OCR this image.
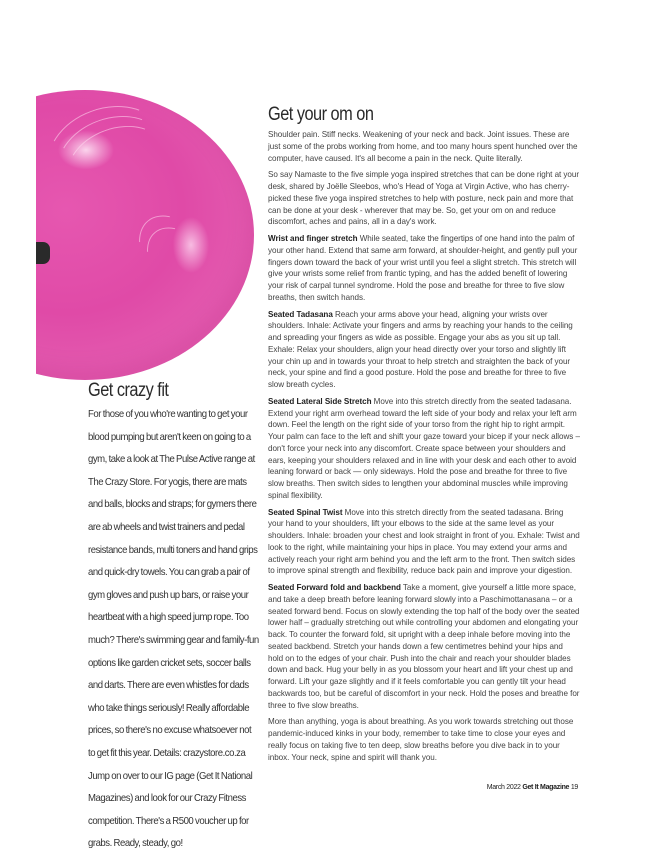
Get crazy fit

For those of you who're wanting to get your blood pumping but aren't keen on going to a gym, take a look at The Pulse Active range at The Crazy Store. For yogis, there are mats and balls, blocks and straps; for gymers there are ab wheels and twist trainers and pedal resistance bands, multi toners and hand grips and quick-dry towels. You can grab a pair of gym gloves and push up bars, or raise your heartbeat with a high speed jump rope. Too much? There's swimming gear and family-fun options like garden cricket sets, soccer balls and darts. There are even whistles for dads who take things seriously! Really affordable prices, so there's no excuse whatsoever not to get fit this year. Details: crazystore.co.za Jump on over to our IG page (Get It National Magazines) and look for our Crazy Fitness competition. There's a R500 voucher up for grabs. Ready, steady, go!

Get your om on

Shoulder pain. Stiff necks. Weakening of your neck and back. Joint issues. These are just some of the probs working from home, and too many hours spent hunched over the computer, have caused. It's all become a pain in the neck. Quite literally.

So say Namaste to the five simple yoga inspired stretches that can be done right at your desk, shared by Joëlle Sleebos, who's Head of Yoga at Virgin Active, who has cherry-picked these five yoga inspired stretches to help with posture, neck pain and more that can be done at your desk - wherever that may be. So, get your om on and reduce discomfort, aches and pains, all in a day's work.

Wrist and finger stretch While seated, take the fingertips of one hand into the palm of your other hand. Extend that same arm forward, at shoulder-height, and gently pull your fingers down toward the back of your wrist until you feel a slight stretch. This stretch will give your wrists some relief from frantic typing, and has the added benefit of lowering your risk of carpal tunnel syndrome. Hold the pose and breathe for three to five slow breaths, then switch hands.

Seated Tadasana Reach your arms above your head, aligning your wrists over shoulders. Inhale: Activate your fingers and arms by reaching your hands to the ceiling and spreading your fingers as wide as possible. Engage your abs as you sit up tall. Exhale: Relax your shoulders, align your head directly over your torso and slightly lift your chin up and in towards your throat to help stretch and straighten the back of your neck, your spine and find a good posture. Hold the pose and breathe for three to five slow breath cycles.

Seated Lateral Side Stretch Move into this stretch directly from the seated tadasana. Extend your right arm overhead toward the left side of your body and relax your left arm down. Feel the length on the right side of your torso from the right hip to right armpit. Your palm can face to the left and shift your gaze toward your bicep if your neck allows – don't force your neck into any discomfort. Create space between your shoulders and ears, keeping your shoulders relaxed and in line with your desk and each other to avoid leaning forward or back — only sideways. Hold the pose and breathe for three to five slow breaths. Then switch sides to lengthen your abdominal muscles while improving spinal flexibility.

Seated Spinal Twist Move into this stretch directly from the seated tadasana. Bring your hand to your shoulders, lift your elbows to the side at the same level as your shoulders. Inhale: broaden your chest and look straight in front of you. Exhale: Twist and look to the right, while maintaining your hips in place. You may extend your arms and actively reach your right arm behind you and the left arm to the front. Then switch sides to improve spinal strength and flexibility, reduce back pain and improve your digestion.

Seated Forward fold and backbend Take a moment, give yourself a little more space, and take a deep breath before leaning forward slowly into a Paschimottanasana – or a seated forward bend. Focus on slowly extending the top half of the body over the seated lower half – gradually stretching out while controlling your abdomen and elongating your back. To counter the forward fold, sit upright with a deep inhale before moving into the seated backbend. Stretch your hands down a few centimetres behind your hips and hold on to the edges of your chair. Push into the chair and reach your shoulder blades down and back. Hug your belly in as you blossom your heart and lift your chest up and forward. Lift your gaze slightly and if it feels comfortable you can gently tilt your head backwards too, but be careful of discomfort in your neck. Hold the poses and breathe for three to five slow breaths.

More than anything, yoga is about breathing. As you work towards stretching out those pandemic-induced kinks in your body, remember to take time to close your eyes and really focus on taking five to ten deep, slow breaths before you dive back in to your inbox. Your neck, spine and spirit will thank you.

March 2022 Get It Magazine 19
